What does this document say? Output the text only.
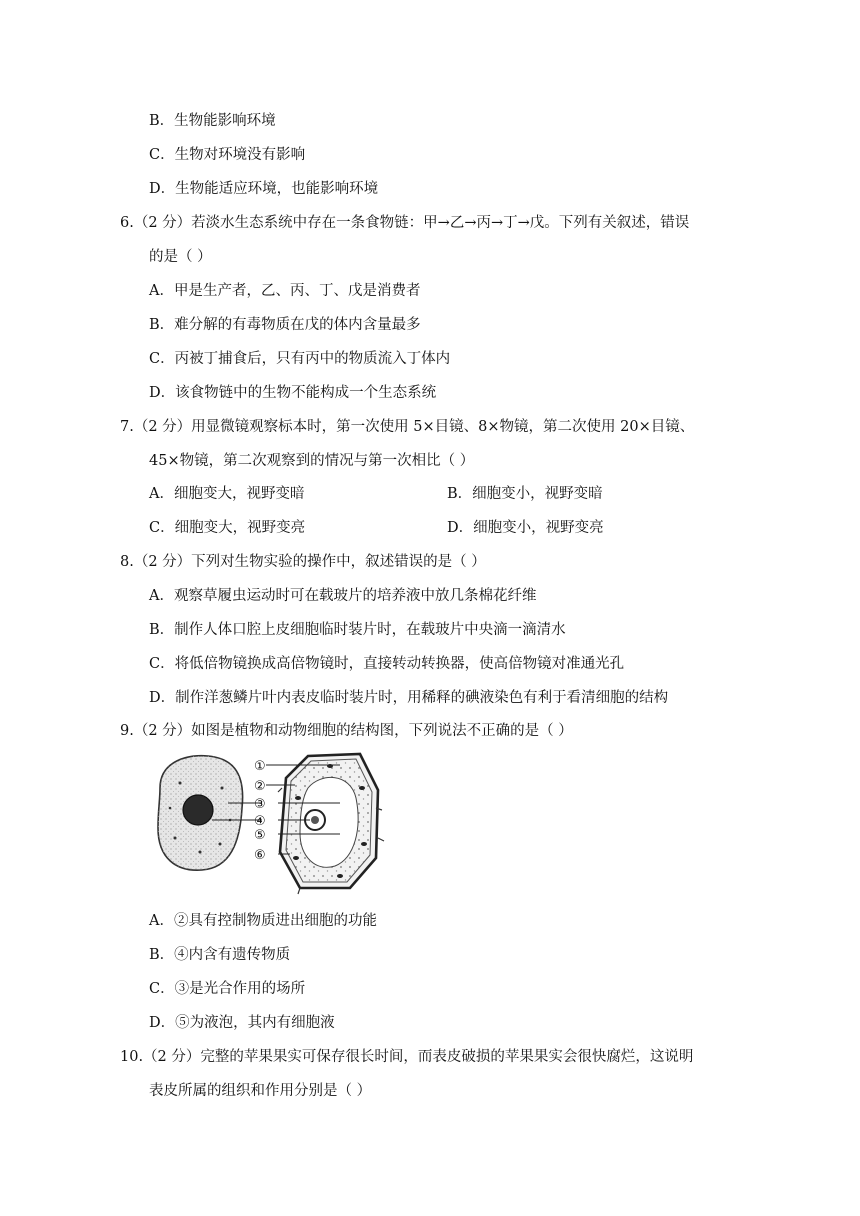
B．生物能影响环境
C．生物对环境没有影响
D．生物能适应环境，也能影响环境
6.（2 分）若淡水生态系统中存在一条食物链：甲→乙→丙→丁→戊。下列有关叙述，错误
的是（ ）
A．甲是生产者，乙、丙、丁、戊是消费者
B．难分解的有毒物质在戊的体内含量最多
C．丙被丁捕食后，只有丙中的物质流入丁体内
D．该食物链中的生物不能构成一个生态系统
7.（2 分）用显微镜观察标本时，第一次使用 5×目镜、8×物镜，第二次使用 20×目镜、
45×物镜，第二次观察到的情况与第一次相比（ ）
A．细胞变大，视野变暗	B．细胞变小，视野变暗
C．细胞变大，视野变亮	D．细胞变小，视野变亮
8.（2 分）下列对生物实验的操作中，叙述错误的是（ ）
A．观察草履虫运动时可在载玻片的培养液中放几条棉花纤维
B．制作人体口腔上皮细胞临时装片时，在载玻片中央滴一滴清水
C．将低倍物镜换成高倍物镜时，直接转动转换器，使高倍物镜对准通光孔
D．制作洋葱鳞片叶内表皮临时装片时，用稀释的碘液染色有利于看清细胞的结构
9.（2 分）如图是植物和动物细胞的结构图，下列说法不正确的是（ ）
①
②
③
④
⑤
⑥
A．②具有控制物质进出细胞的功能
B．④内含有遗传物质
C．③是光合作用的场所
D．⑤为液泡，其内有细胞液
10.（2 分）完整的苹果果实可保存很长时间，而表皮破损的苹果果实会很快腐烂，这说明
表皮所属的组织和作用分别是（ ）
